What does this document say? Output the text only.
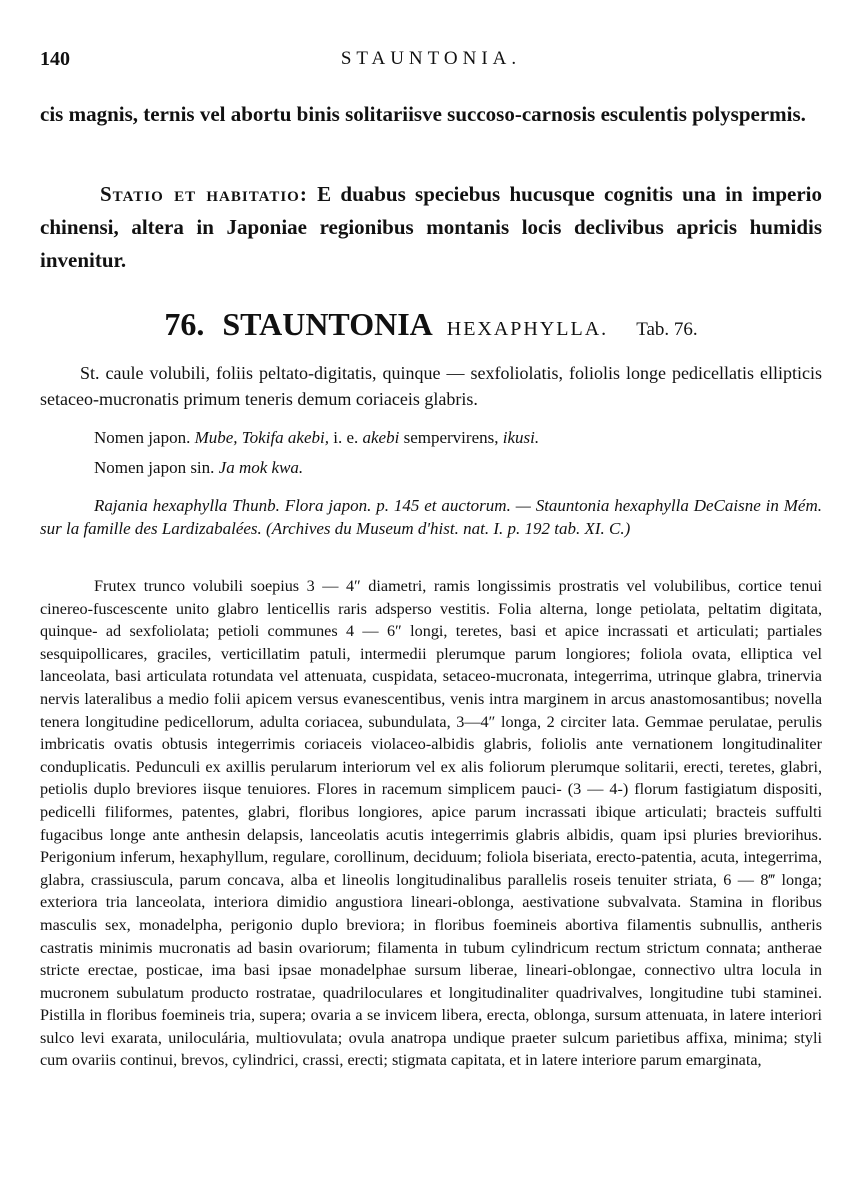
140	STAUNTONIA.
cis magnis, ternis vel abortu binis solitariisve succoso-carnosis esculentis polyspermis.
Statio et habitatio: E duabus speciebus hucusque cognitis una in imperio chinensi, altera in Japoniae regionibus montanis locis declivibus apricis humidis invenitur.
76. STAUNTONIA HEXAPHYLLA. Tab. 76.
St. caule volubili, foliis peltato-digitatis, quinque — sexfoliolatis, foliolis longe pedicellatis ellipticis setaceo-mucronatis primum teneris demum coriaceis glabris.
Nomen japon. Mube, Tokifa akebi, i. e. akebi sempervirens, ikusi.
Nomen japon sin. Ja mok kwa.
Rajania hexaphylla Thunb. Flora japon. p. 145 et auctorum. — Stauntonia hexaphylla DeCaisne in Mém. sur la famille des Lardizabalées. (Archives du Museum d'hist. nat. I. p. 192 tab. XI. C.)
Frutex trunco volubili soepius 3 — 4″ diametri, ramis longissimis prostratis vel volubilibus, cortice tenui cinereo-fuscescente unito glabro lenticellis raris adsperso vestitis. Folia alterna, longe petiolata, peltatim digitata, quinque- ad sexfoliolata; petioli communes 4 — 6″ longi, teretes, basi et apice incrassati et articulati; partiales sesquipollicares, graciles, verticillatim patuli, intermedii plerumque parum longiores; foliola ovata, elliptica vel lanceolata, basi articulata rotundata vel attenuata, cuspidata, setaceo-mucronata, integerrima, utrinque glabra, trinervia nervis lateralibus a medio folii apicem versus evanescentibus, venis intra marginem in arcus anastomosantibus; novella tenera longitudine pedicellorum, adulta coriacea, subundulata, 3—4″ longa, 2 circiter lata. Gemmae perulatae, perulis imbricatis ovatis obtusis integerrimis coriaceis violaceo-albidis glabris, foliolis ante vernationem longitudinaliter conduplicatis. Pedunculi ex axillis perularum interiorum vel ex alis foliorum plerumque solitarii, erecti, teretes, glabri, petiolis duplo breviores iisque tenuiores. Flores in racemum simplicem pauci- (3 — 4-) florum fastigiatum dispositi, pedicelli filiformes, patentes, glabri, floribus longiores, apice parum incrassati ibique articulati; bracteis suffulti fugacibus longe ante anthesin delapsis, lanceolatis acutis integerrimis glabris albidis, quam ipsi pluries breviorihus. Perigonium inferum, hexaphyllum, regulare, corollinum, deciduum; foliola biseriata, erecto-patentia, acuta, integerrima, glabra, crassiuscula, parum concava, alba et lineolis longitudinalibus parallelis roseis tenuiter striata, 6 — 8‴ longa; exteriora tria lanceolata, interiora dimidio angustiora lineari-oblonga, aestivatione subvalvata. Stamina in floribus masculis sex, monadelpha, perigonio duplo breviora; in floribus foemineis abortiva filamentis subnullis, antheris castratis minimis mucronatis ad basin ovariorum; filamenta in tubum cylindricum rectum strictum connata; antherae stricte erectae, posticae, ima basi ipsae monadelphae sursum liberae, lineari-oblongae, connectivo ultra locula in mucronem subulatum producto rostratae, quadriloculares et longitudinaliter quadrivalves, longitudine tubi staminei. Pistilla in floribus foemineis tria, supera; ovaria a se invicem libera, erecta, oblonga, sursum attenuata, in latere interiori sulco levi exarata, uniloculária, multiovulata; ovula anatropa undique praeter sulcum parietibus affixa, minima; styli cum ovariis continui, brevos, cylindrici, crassi, erecti; stigmata capitata, et in latere interiore parum emarginata,
